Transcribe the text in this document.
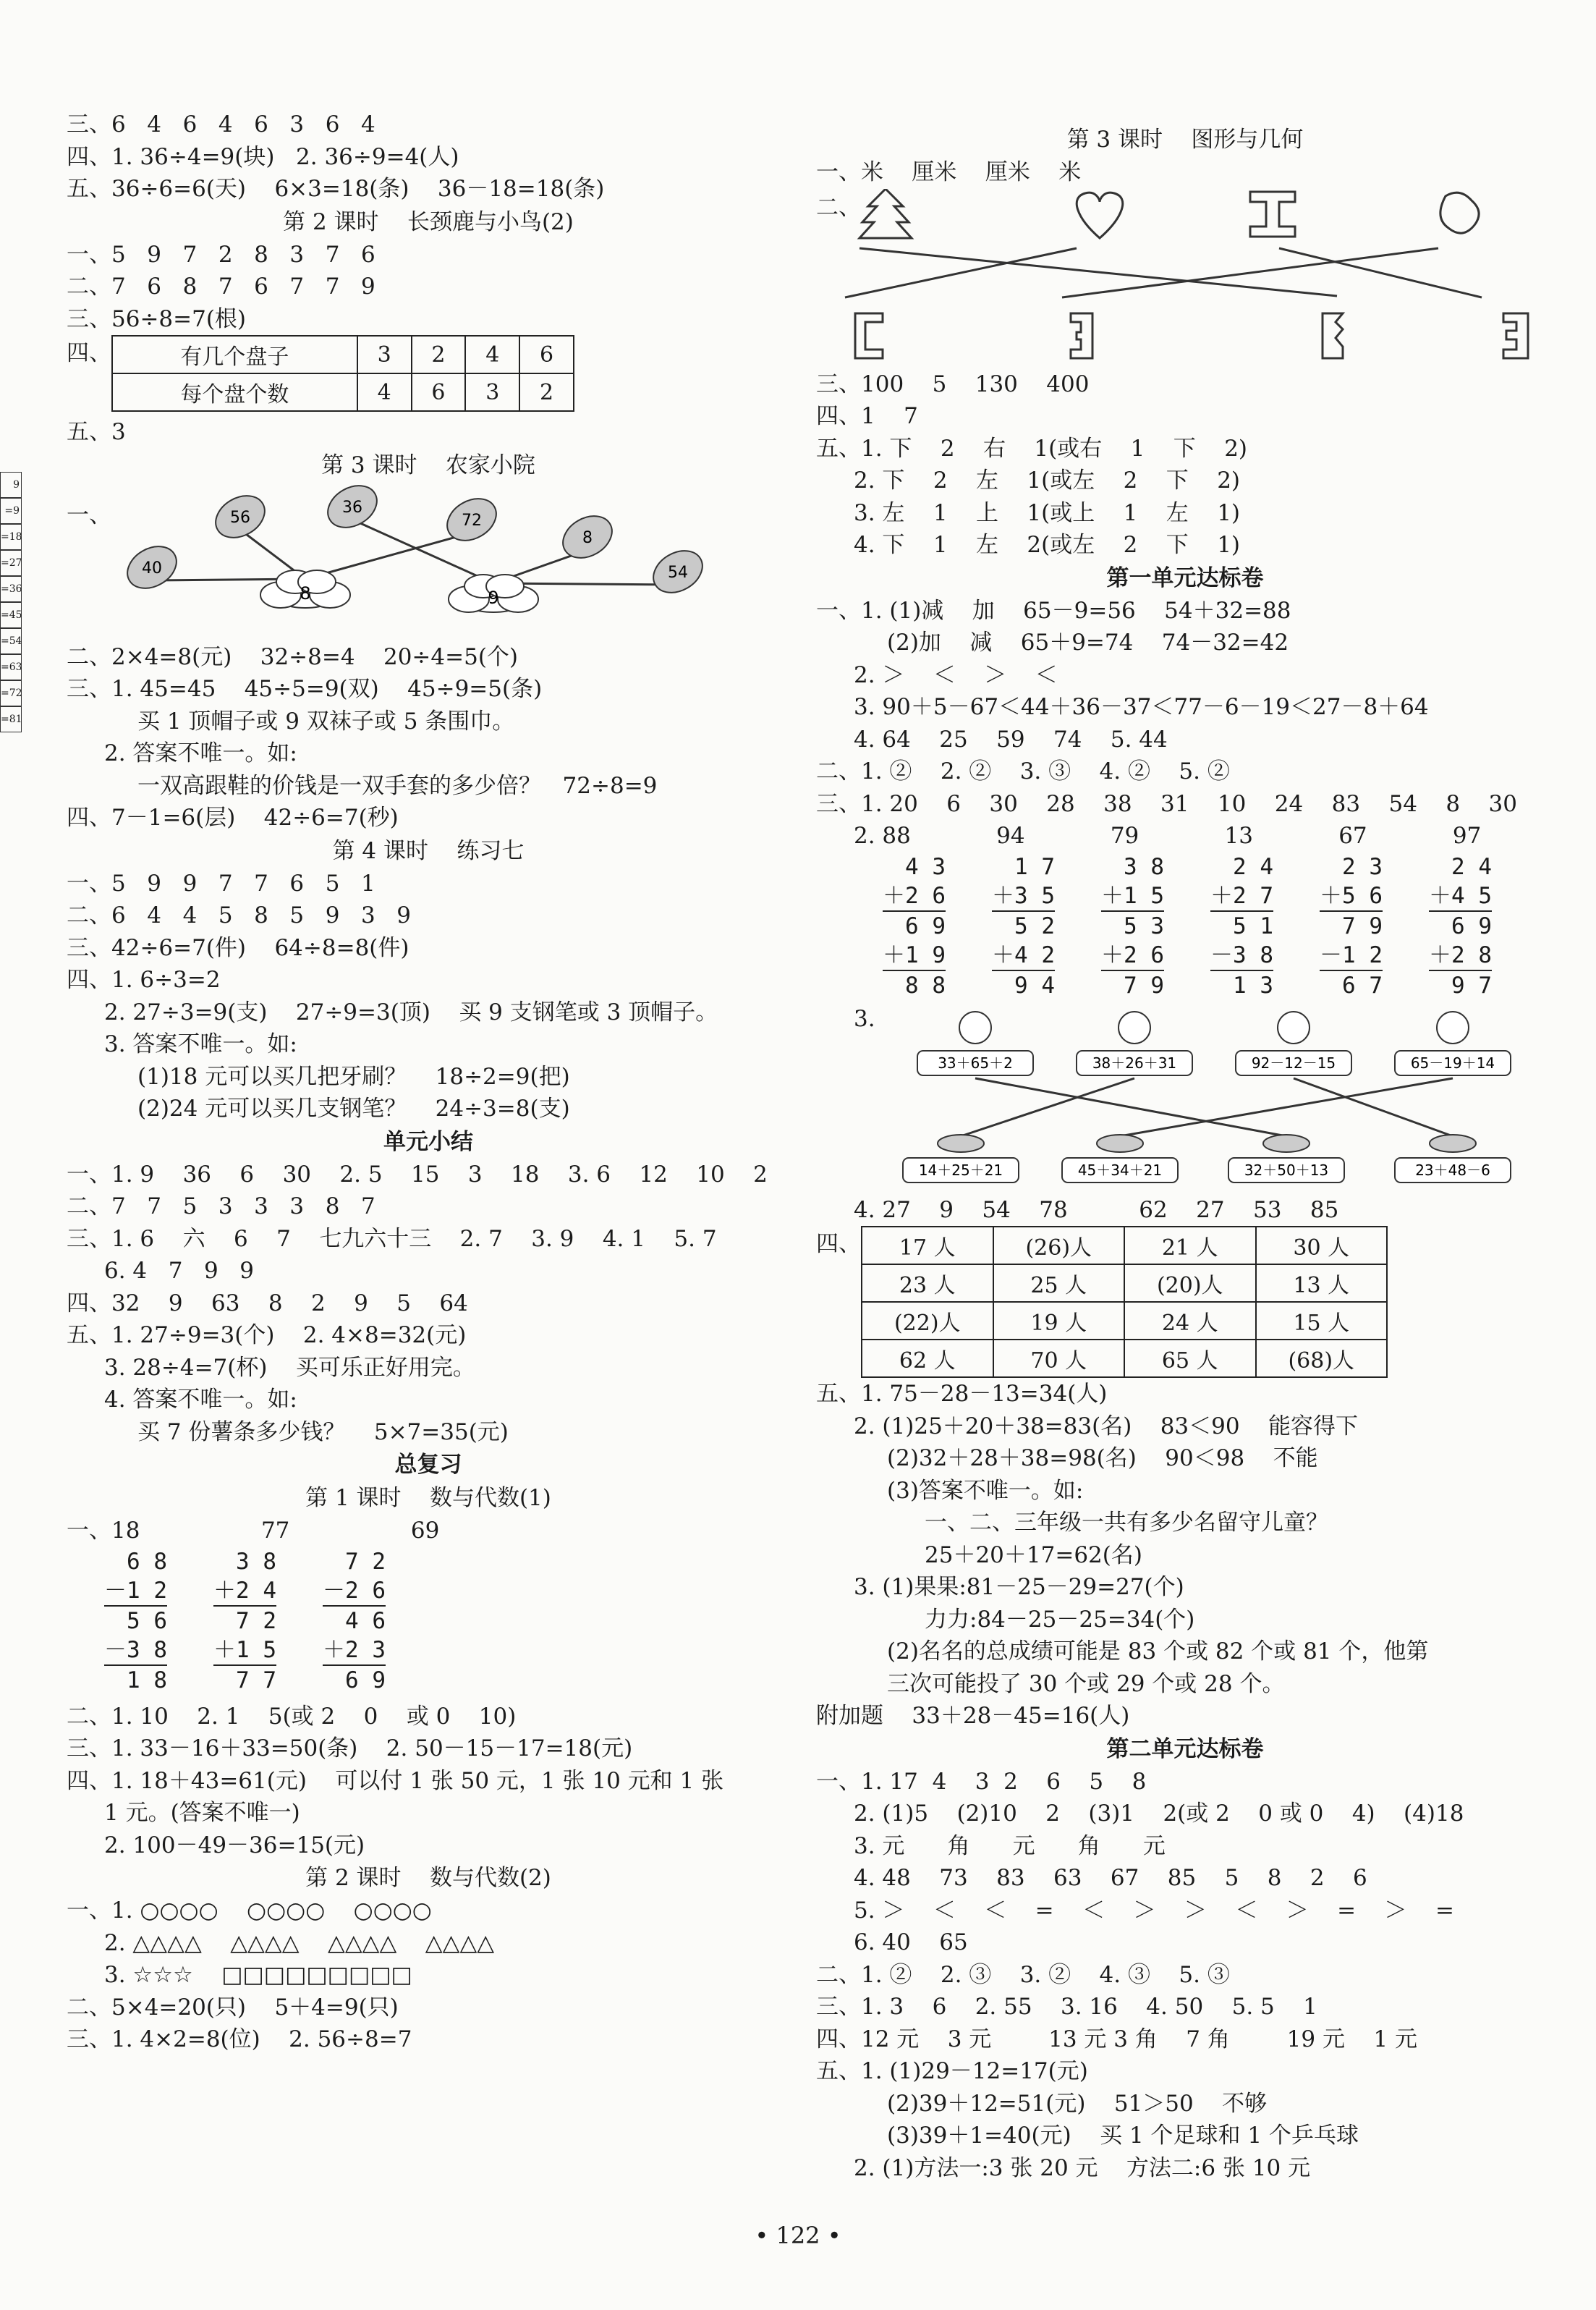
9
=9
=18
=27
=36
=45
=54
=63
=72
=81
三、6   4   6   4   6   3   6   4
四、1. 36÷4=9(块)   2. 36÷9=4(人)
五、36÷6=6(天)    6×3=18(条)    36－18=18(条)
第 2 课时    长颈鹿与小鸟(2)
一、5   9   7   2   8   3   7   6
二、7   6   8   7   6   7   7   9
三、56÷8=7(根)
四、	有几个盘子	3	2	4	6
每个盘个数	4	6	3	2
五、3
第 3 课时    农家小院
一、
8	9
40
56
36
72
8
54
二、2×4=8(元)    32÷8=4    20÷4=5(个)
三、1. 45=45    45÷5=9(双)    45÷9=5(条)
买 1 顶帽子或 9 双袜子或 5 条围巾。
2. 答案不唯一。如:
一双高跟鞋的价钱是一双手套的多少倍？   72÷8=9
四、7－1=6(层)    42÷6=7(秒)
第 4 课时    练习七
一、5   9   9   7   7   6   5   1
二、6   4   4   5   8   5   9   3   9
三、42÷6=7(件)    64÷8=8(件)
四、1. 6÷3=2
2. 27÷3=9(支)    27÷9=3(顶)    买 9 支钢笔或 3 顶帽子。
3. 答案不唯一。如:
(1)18 元可以买几把牙刷？    18÷2=9(把)
(2)24 元可以买几支钢笔？    24÷3=8(支)
单元小结
一、1. 9    36    6    30    2. 5    15    3    18    3. 6    12    10    2
二、7   7   5   3   3   3   8   7
三、1. 6    六    6    7    七九六十三    2. 7    3. 9    4. 1    5. 7
6. 4   7   9   9
四、32    9    63    8    2    9    5    64
五、1. 27÷9=3(个)    2. 4×8=32(元)
3. 28÷4=7(杯)    买可乐正好用完。
4. 答案不唯一。如:
买 7 份薯条多少钱？    5×7=35(元)
总复习
第 1 课时    数与代数(1)
一、18                 77                 69
6 8
－1 2
5 6
－3 8
1 8
3 8
＋2 4
7 2
＋1 5
7 7
7 2
－2 6
4 6
＋2 3
6 9
二、1. 10    2. 1    5(或 2    0    或 0    10)
三、1. 33－16＋33=50(条)    2. 50－15－17=18(元)
四、1. 18＋43=61(元)    可以付 1 张 50 元，1 张 10 元和 1 张
1 元。(答案不唯一)
2. 100－49－36=15(元)
第 2 课时    数与代数(2)
一、1. ○○○○    ○○○○    ○○○○
2. △△△△    △△△△    △△△△    △△△△
3. ☆☆☆    □□□□□□□□□
二、5×4=20(只)    5＋4=9(只)
三、1. 4×2=8(位)    2. 56÷8=7
第 3 课时    图形与几何
一、米    厘米    厘米    米
二、
三、100    5    130    400
四、1    7
五、1. 下    2    右    1(或右    1    下    2)
2. 下    2    左    1(或左    2    下    2)
3. 左    1    上    1(或上    1    左    1)
4. 下    1    左    2(或左    2    下    1)
第一单元达标卷
一、1. (1)减    加    65－9=56    54＋32=88
(2)加    减    65＋9=74    74－32=42
2. ＞    ＜    ＞    ＜
3. 90＋5－67＜44＋36－37＜77－6－19＜27－8＋64
4. 64    25    59    74    5. 44
二、1. ②    2. ②    3. ③    4. ②    5. ②
三、1. 20    6    30    28    38    31    10    24    83    54    8    30
2. 88            94            79            13            67            97
4 3
＋2 6
6 9
＋1 9
8 8
1 7
＋3 5
5 2
＋4 2
9 4
3 8
＋1 5
5 3
＋2 6
7 9
2 4
＋2 7
5 1
－3 8
1 3
2 3
＋5 6
7 9
－1 2
6 7
2 4
＋4 5
6 9
＋2 8
9 7
3.
33＋65＋2	38＋26＋31	92－12－15	65－19＋14
14＋25＋21	45＋34＋21	32＋50＋13	23＋48－6
4. 27    9    54    78          62    27    53    85
四、 17 人	(26)人	21 人	30 人
23 人	25 人	(20)人	13 人
(22)人	19 人	24 人	15 人
62 人	70 人	65 人	(68)人
五、1. 75－28－13=34(人)
2. (1)25＋20＋38=83(名)    83＜90    能容得下
(2)32＋28＋38=98(名)    90＜98    不能
(3)答案不唯一。如:
一、二、三年级一共有多少名留守儿童？
25＋20＋17=62(名)
3. (1)果果:81－25－29=27(个)
力力:84－25－25=34(个)
(2)名名的总成绩可能是 83 个或 82 个或 81 个，他第
三次可能投了 30 个或 29 个或 28 个。
附加题    33＋28－45=16(人)
第二单元达标卷
一、1. 17  4    3  2    6    5    8
2. (1)5    (2)10    2    (3)1    2(或 2    0 或 0    4)    (4)18
3. 元      角      元      角      元
4. 48    73    83    63    67    85    5    8    2    6
5. ＞    ＜    ＜    =    ＜    ＞    ＞    ＜    ＞    =    ＞    =
6. 40    65
二、1. ②    2. ③    3. ②    4. ③    5. ③
三、1. 3    6    2. 55    3. 16    4. 50    5. 5    1
四、12 元    3 元        13 元 3 角    7 角        19 元    1 元
五、1. (1)29－12=17(元)
(2)39＋12=51(元)    51＞50    不够
(3)39＋1=40(元)    买 1 个足球和 1 个乒乓球
2. (1)方法一:3 张 20 元    方法二:6 张 10 元
• 122 •
